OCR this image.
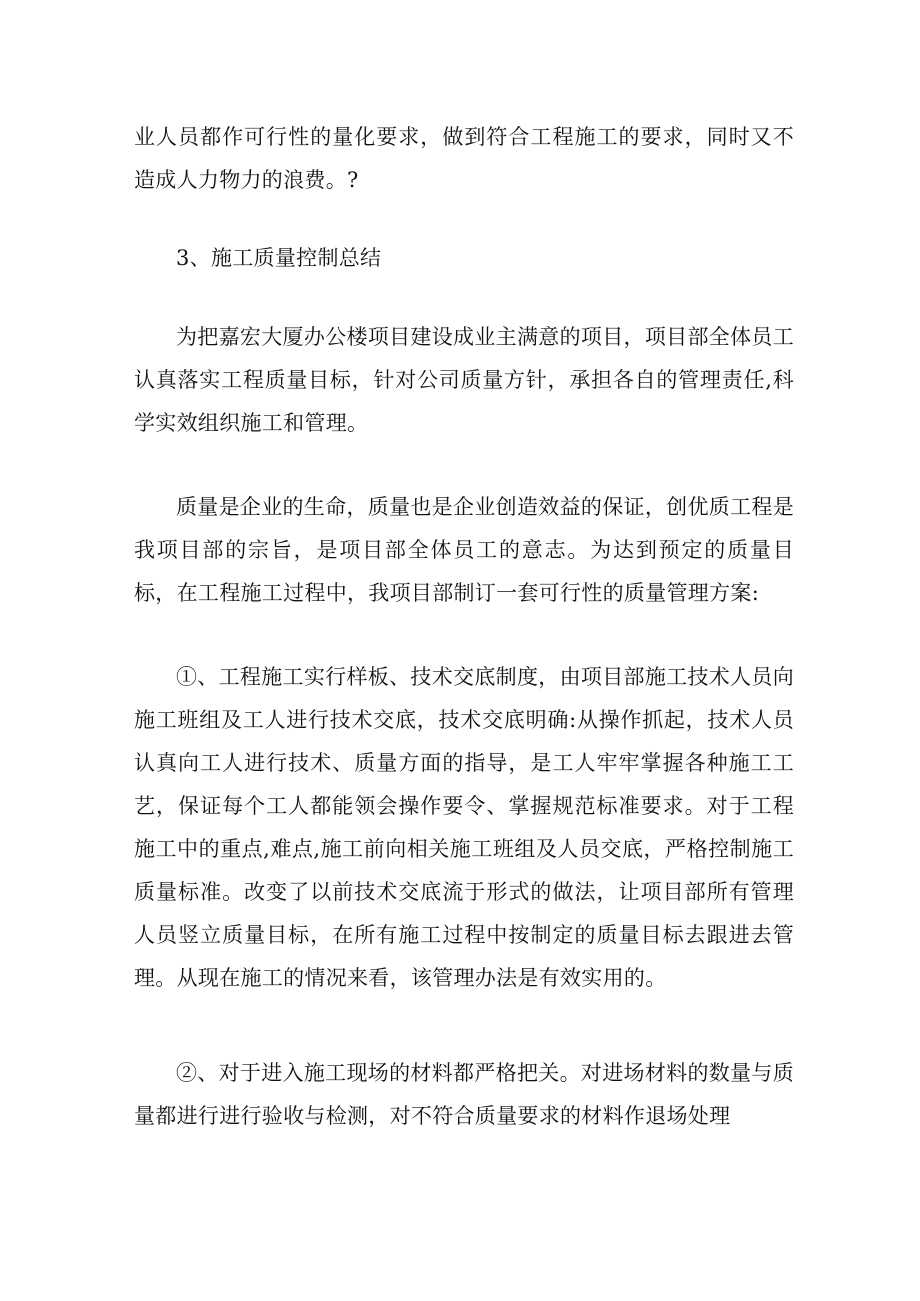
业人员都作可行性的量化要求，做到符合工程施工的要求，同时又不造成人力物力的浪费。?

3、施工质量控制总结

为把嘉宏大厦办公楼项目建设成业主满意的项目，项目部全体员工认真落实工程质量目标，针对公司质量方针，承担各自的管理责任,科学实效组织施工和管理。

质量是企业的生命，质量也是企业创造效益的保证，创优质工程是我项目部的宗旨，是项目部全体员工的意志。为达到预定的质量目标，在工程施工过程中，我项目部制订一套可行性的质量管理方案:

①、工程施工实行样板、技术交底制度，由项目部施工技术人员向施工班组及工人进行技术交底，技术交底明确:从操作抓起，技术人员认真向工人进行技术、质量方面的指导，是工人牢牢掌握各种施工工艺，保证每个工人都能领会操作要令、掌握规范标准要求。对于工程施工中的重点,难点,施工前向相关施工班组及人员交底，严格控制施工质量标准。改变了以前技术交底流于形式的做法，让项目部所有管理人员竖立质量目标，在所有施工过程中按制定的质量目标去跟进去管理。从现在施工的情况来看，该管理办法是有效实用的。

②、对于进入施工现场的材料都严格把关。对进场材料的数量与质量都进行进行验收与检测，对不符合质量要求的材料作退场处理
